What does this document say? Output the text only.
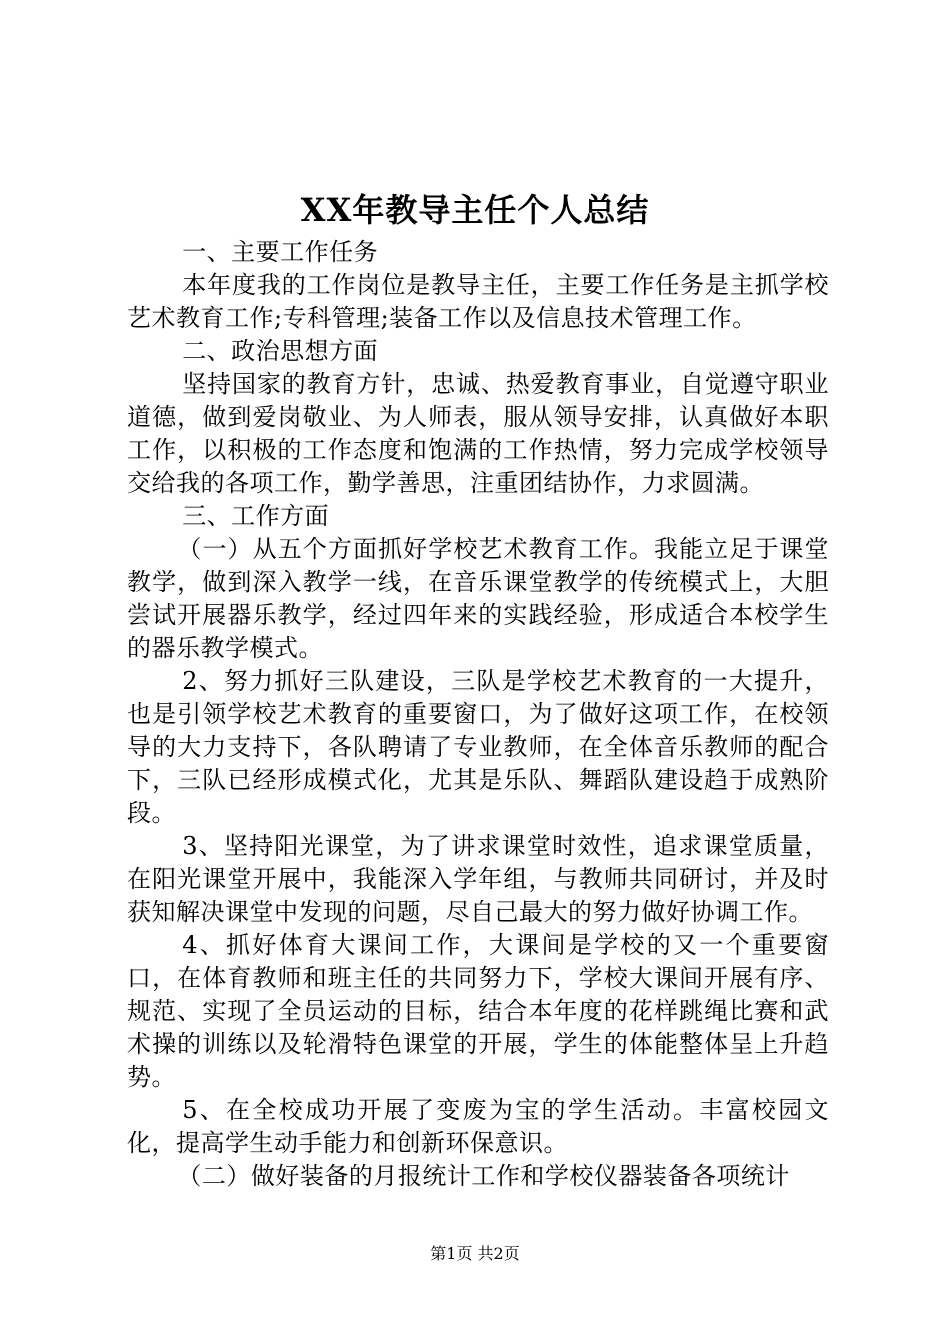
XX年教导主任个人总结

一、主要工作任务

本年度我的工作岗位是教导主任，主要工作任务是主抓学校艺术教育工作;专科管理;装备工作以及信息技术管理工作。

二、政治思想方面

坚持国家的教育方针，忠诚、热爱教育事业，自觉遵守职业道德，做到爱岗敬业、为人师表，服从领导安排，认真做好本职工作，以积极的工作态度和饱满的工作热情，努力完成学校领导交给我的各项工作，勤学善思，注重团结协作，力求圆满。

三、工作方面

（一）从五个方面抓好学校艺术教育工作。我能立足于课堂教学，做到深入教学一线，在音乐课堂教学的传统模式上，大胆尝试开展器乐教学，经过四年来的实践经验，形成适合本校学生的器乐教学模式。

2、努力抓好三队建设，三队是学校艺术教育的一大提升，也是引领学校艺术教育的重要窗口，为了做好这项工作，在校领导的大力支持下，各队聘请了专业教师，在全体音乐教师的配合下，三队已经形成模式化，尤其是乐队、舞蹈队建设趋于成熟阶段。

3、坚持阳光课堂，为了讲求课堂时效性，追求课堂质量，在阳光课堂开展中，我能深入学年组，与教师共同研讨，并及时获知解决课堂中发现的问题，尽自己最大的努力做好协调工作。

4、抓好体育大课间工作，大课间是学校的又一个重要窗口，在体育教师和班主任的共同努力下，学校大课间开展有序、规范、实现了全员运动的目标，结合本年度的花样跳绳比赛和武术操的训练以及轮滑特色课堂的开展，学生的体能整体呈上升趋势。

5、在全校成功开展了变废为宝的学生活动。丰富校园文化，提高学生动手能力和创新环保意识。

（二）做好装备的月报统计工作和学校仪器装备各项统计

第1页 共2页
